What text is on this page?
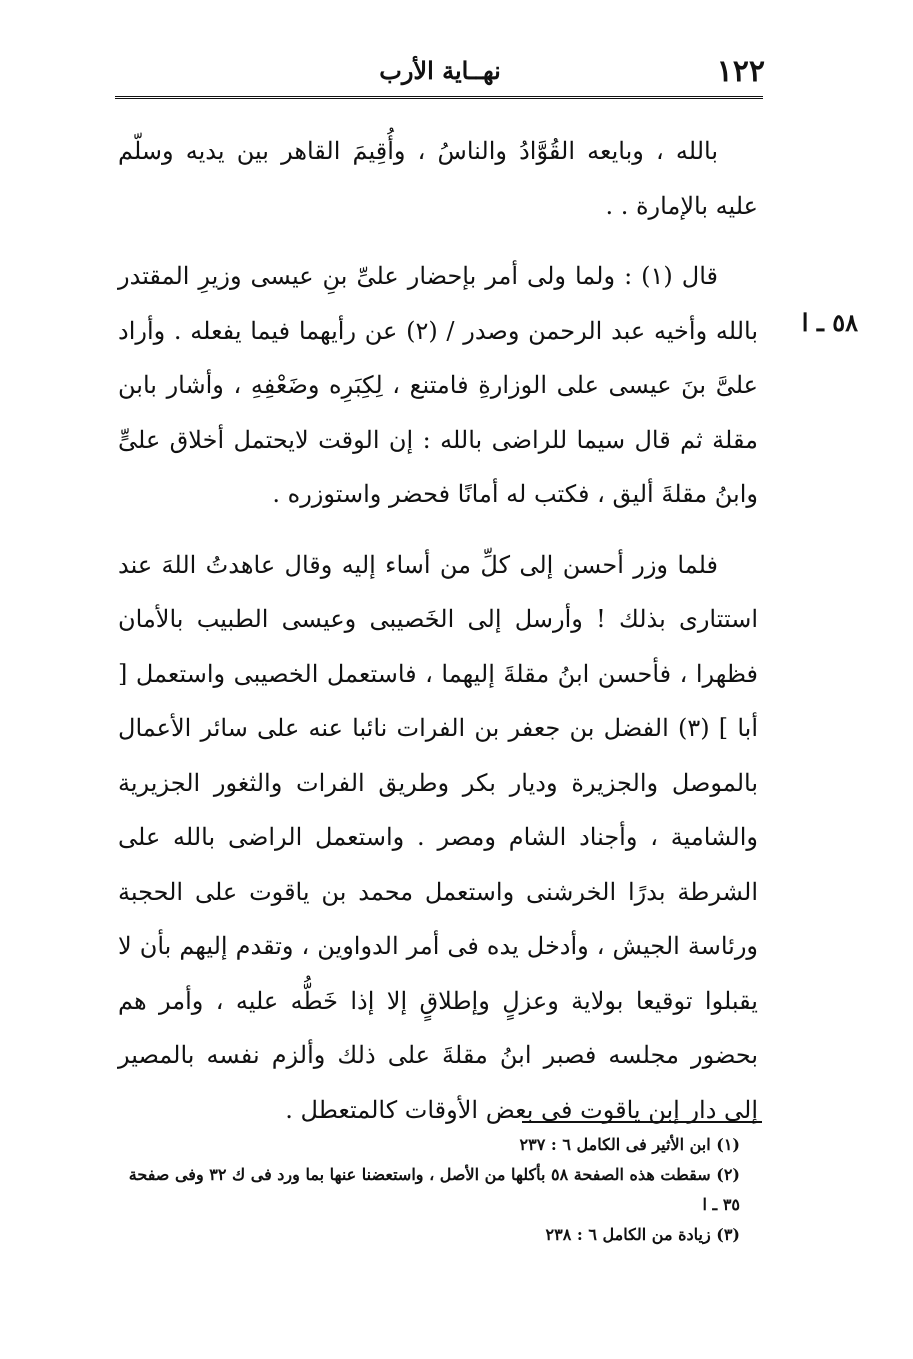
١٢٢
نهــاية الأرب
٥٨ ـ ا

بالله ، وبايعه القُوَّادُ والناسُ ، وأُقِيمَ القاهر بين يديه وسلّم عليه بالإمارة . .

قال (١) : ولما ولى أمر بإحضار علىِّ بنِ عيسى وزيرِ المقتدر بالله وأخيه عبد الرحمن وصدر / (٢) عن رأيهما فيما يفعله . وأراد علىَّ بنَ عيسى على الوزارةِ فامتنع ، لِكِبَرِه وضَعْفِهِ ، وأشار بابن مقلة ثم قال سيما للراضى بالله : إن الوقت لايحتمل أخلاق علىٍّ وابنُ مقلةَ أليق ، فكتب له أمانًا فحضر واستوزره .

فلما وزر أحسن إلى كلِّ من أساء إليه وقال عاهدتُ اللهَ عند استتارى بذلك ! وأرسل إلى الخَصيبى وعيسى الطبيب بالأمان فظهرا ، فأحسن ابنُ مقلةَ إليهما ، فاستعمل الخصيبى واستعمل [ أبا ] (٣) الفضل بن جعفر بن الفرات نائبا عنه على سائر الأعمال بالموصل والجزيرة وديار بكر وطريق الفرات والثغور الجزيرية والشامية ، وأجناد الشام ومصر . واستعمل الراضى بالله على الشرطة بدرًا الخرشنى واستعمل محمد بن ياقوت على الحجبة ورئاسة الجيش ، وأدخل يده فى أمر الدواوين ، وتقدم إليهم بأن لا يقبلوا توقيعا بولاية وعزلٍ وإطلاقٍ إلا إذا خَطُّه عليه ، وأمر هم بحضور مجلسه فصبر ابنُ مقلةَ على ذلك وألزم نفسه بالمصير إلى دار إبن ياقوت فى بعض الأوقات كالمتعطل .

(١) ابن الأثير فى الكامل ٦ : ٢٣٧

(٢) سقطت هذه الصفحة ٥٨ بأكلها من الأصل ، واستعضنا عنها بما ورد فى ك ٣٢ وفى صفحة ٣٥ ـ ا

(٣) زيادة من الكامل ٦ : ٢٣٨
